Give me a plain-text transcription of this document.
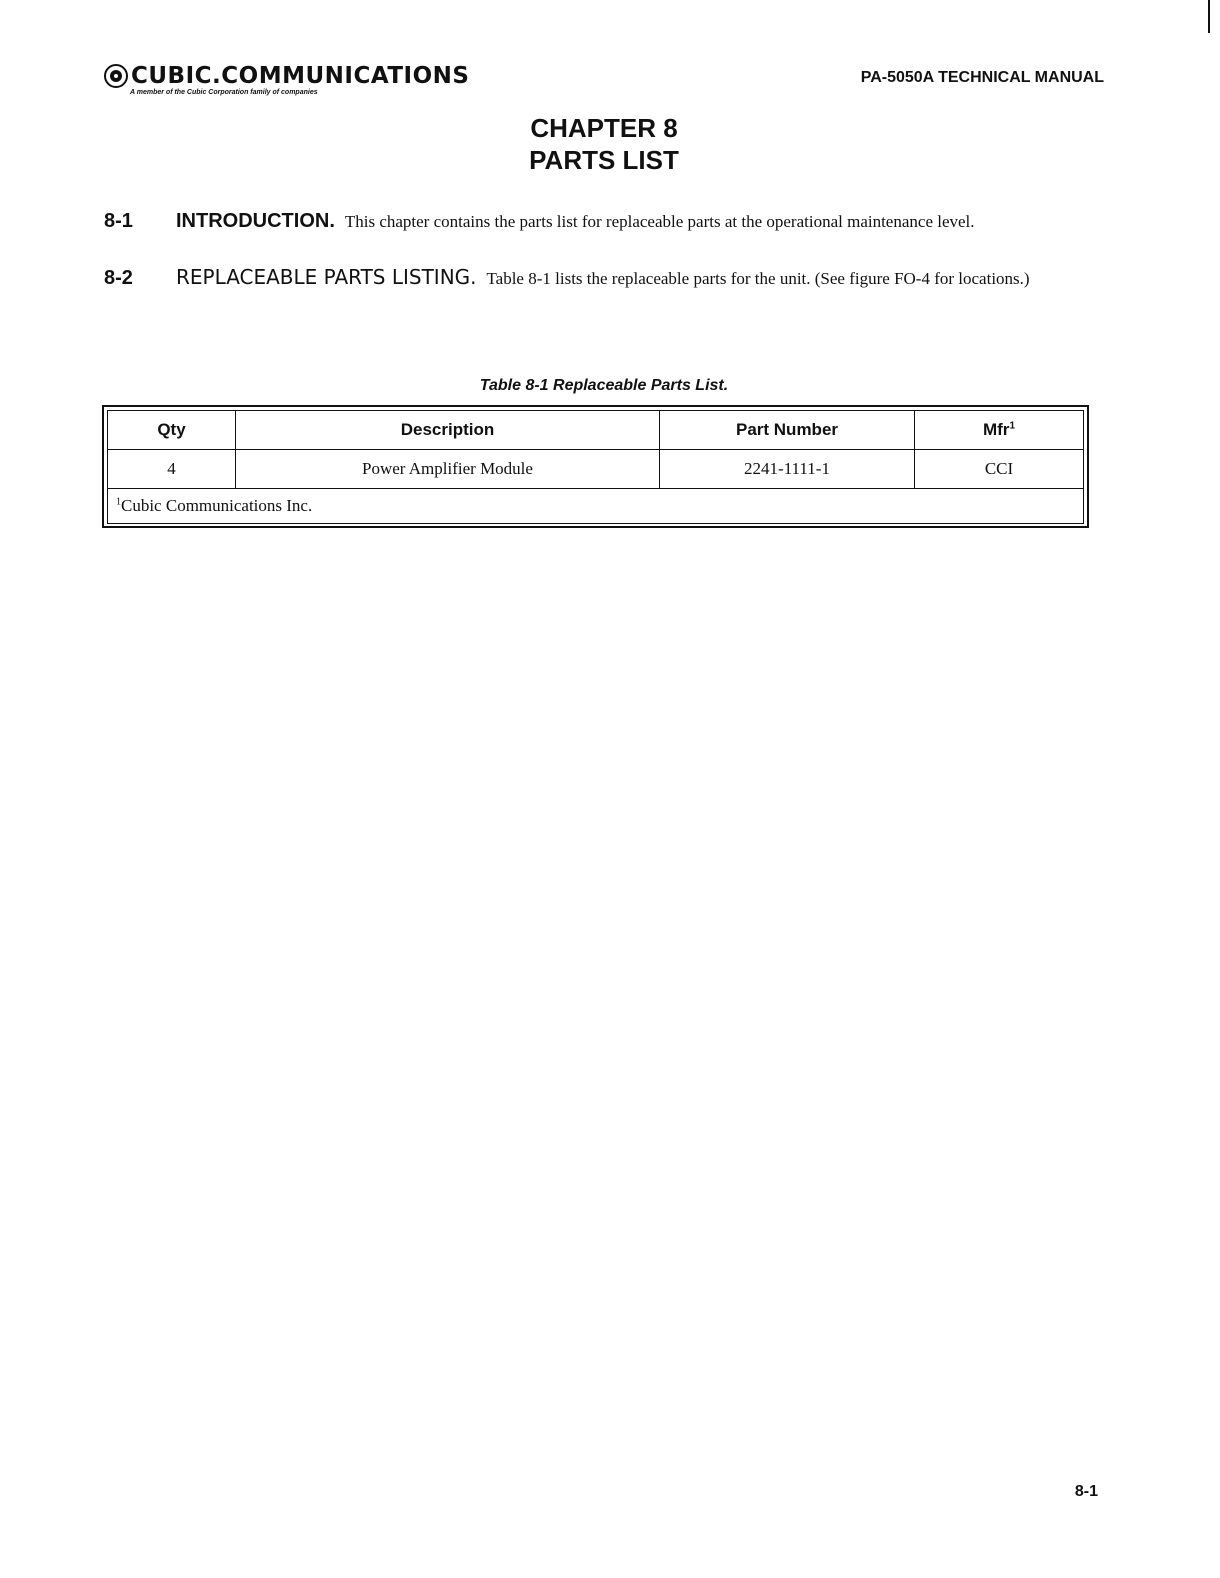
CUBIC.COMMUNICATIONS
A member of the Cubic Corporation family of companies
PA-5050A TECHNICAL MANUAL
CHAPTER 8
PARTS LIST
8-1 INTRODUCTION. This chapter contains the parts list for replaceable parts at the operational maintenance level.
8-2 REPLACEABLE PARTS LISTING. Table 8-1 lists the replaceable parts for the unit. (See figure FO-4 for locations.)
Table 8-1 Replaceable Parts List.
Qty	Description	Part Number	Mfr$^1$
4	Power Amplifier Module	2241-1111-1	CCI
$^1$Cubic Communications Inc.			
8-1
